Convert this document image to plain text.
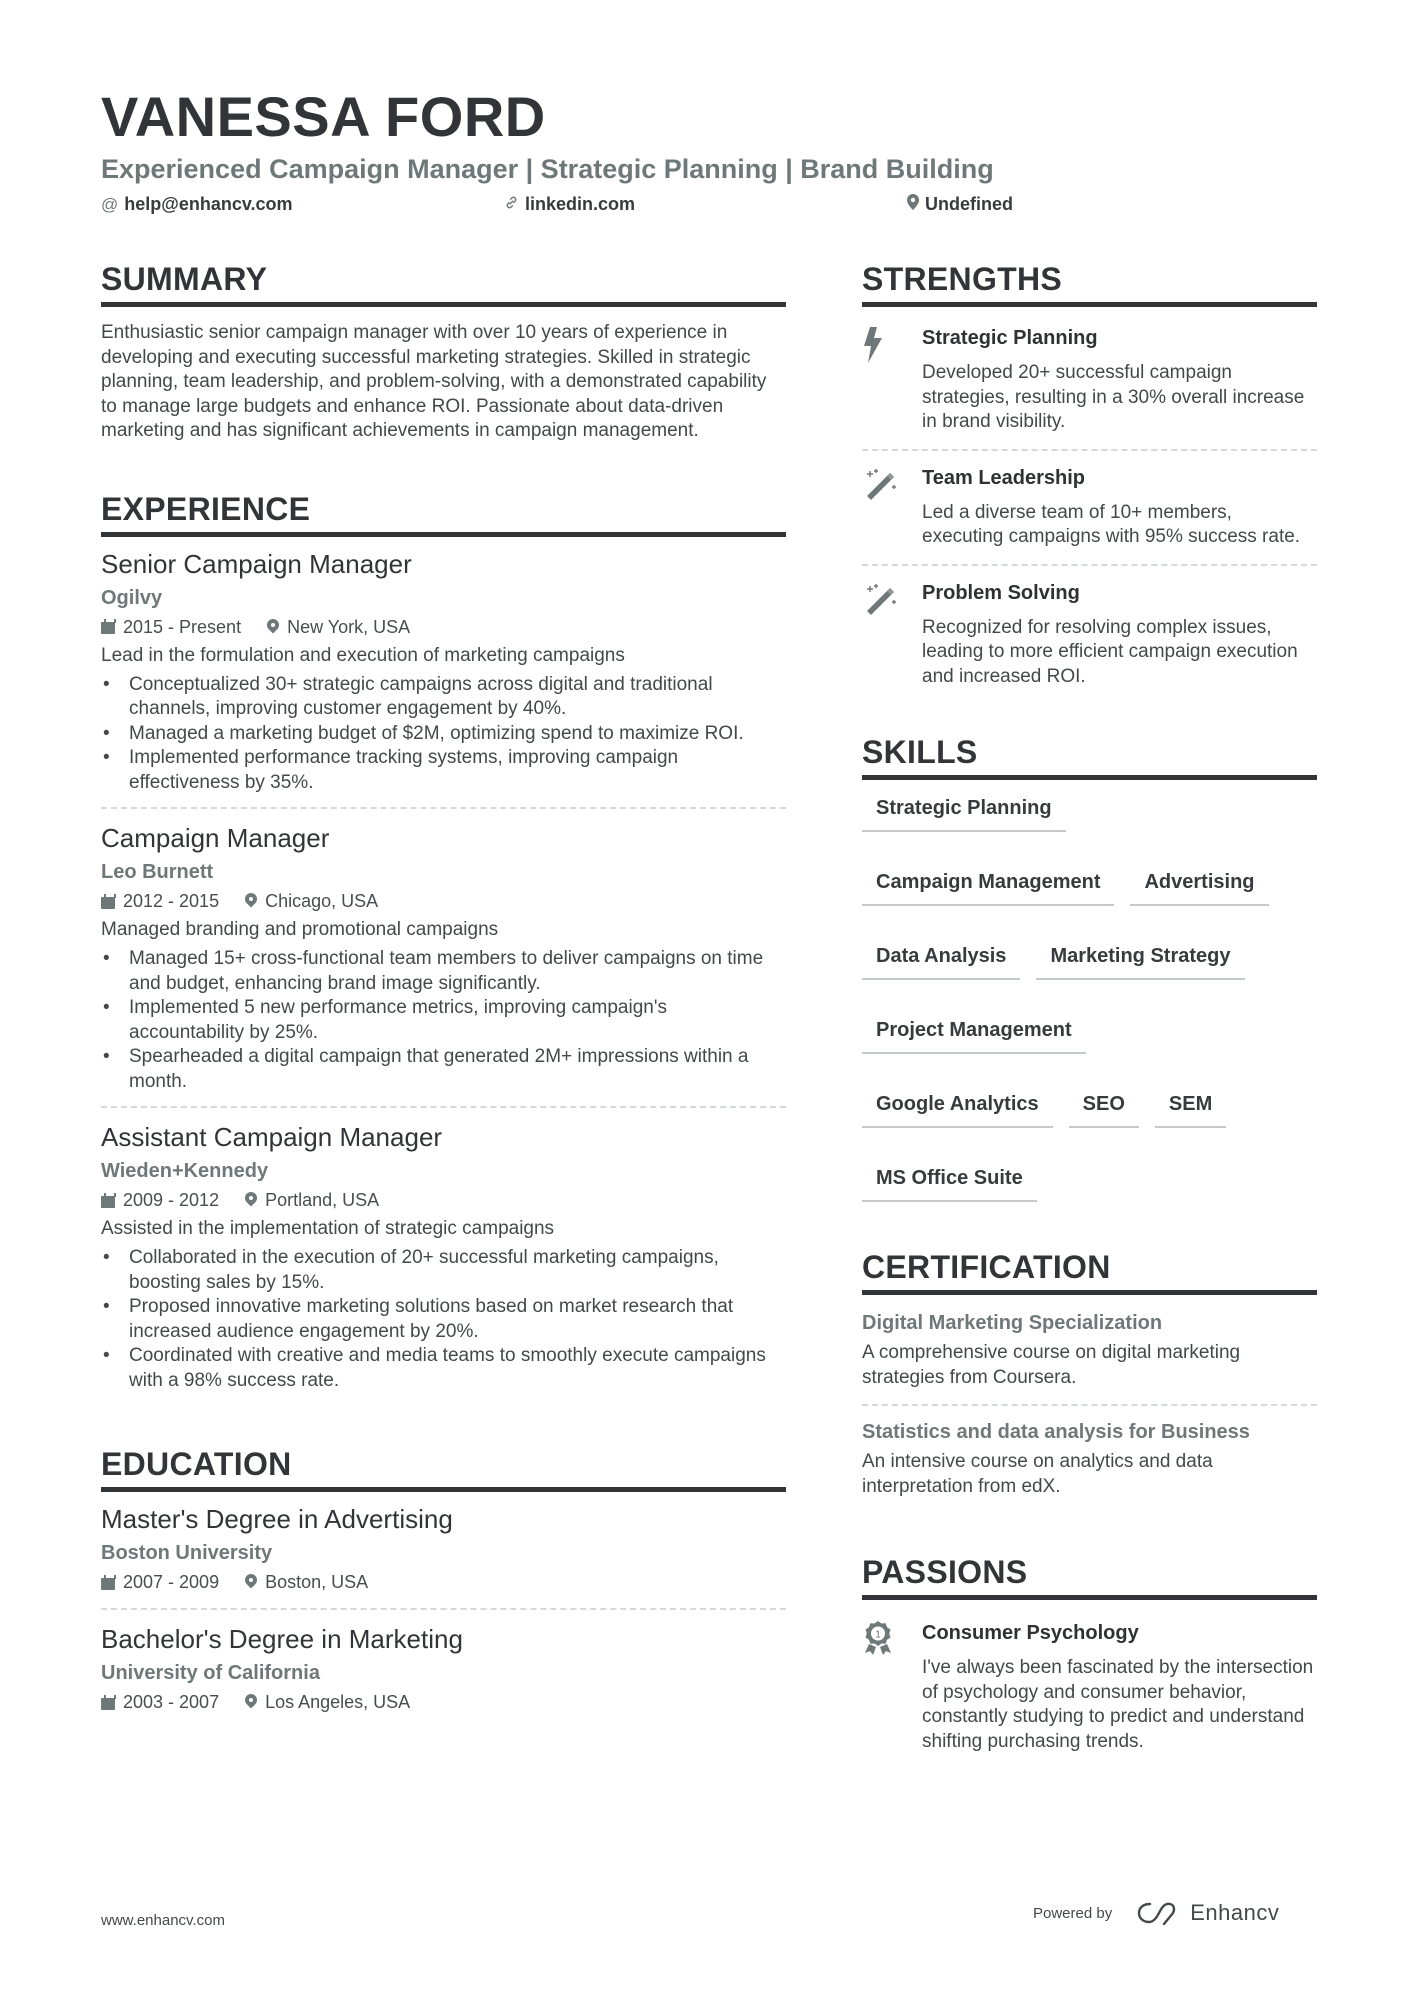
VANESSA FORD
Experienced Campaign Manager | Strategic Planning | Brand Building
@ help@enhancv.com	linkedin.com	Undefined
SUMMARY
Enthusiastic senior campaign manager with over 10 years of experience in developing and executing successful marketing strategies. Skilled in strategic planning, team leadership, and problem-solving, with a demonstrated capability to manage large budgets and enhance ROI. Passionate about data-driven marketing and has significant achievements in campaign management.
EXPERIENCE
Senior Campaign Manager
Ogilvy
2015 - Present	New York, USA
Lead in the formulation and execution of marketing campaigns
• Conceptualized 30+ strategic campaigns across digital and traditional channels, improving customer engagement by 40%.
• Managed a marketing budget of $2M, optimizing spend to maximize ROI.
• Implemented performance tracking systems, improving campaign effectiveness by 35%.
Campaign Manager
Leo Burnett
2012 - 2015	Chicago, USA
Managed branding and promotional campaigns
• Managed 15+ cross-functional team members to deliver campaigns on time and budget, enhancing brand image significantly.
• Implemented 5 new performance metrics, improving campaign's accountability by 25%.
• Spearheaded a digital campaign that generated 2M+ impressions within a month.
Assistant Campaign Manager
Wieden+Kennedy
2009 - 2012	Portland, USA
Assisted in the implementation of strategic campaigns
• Collaborated in the execution of 20+ successful marketing campaigns, boosting sales by 15%.
• Proposed innovative marketing solutions based on market research that increased audience engagement by 20%.
• Coordinated with creative and media teams to smoothly execute campaigns with a 98% success rate.
EDUCATION
Master's Degree in Advertising
Boston University
2007 - 2009	Boston, USA
Bachelor's Degree in Marketing
University of California
2003 - 2007	Los Angeles, USA
STRENGTHS
Strategic Planning
Developed 20+ successful campaign strategies, resulting in a 30% overall increase in brand visibility.
Team Leadership
Led a diverse team of 10+ members, executing campaigns with 95% success rate.
Problem Solving
Recognized for resolving complex issues, leading to more efficient campaign execution and increased ROI.
SKILLS
Strategic Planning
Campaign Management	Advertising
Data Analysis	Marketing Strategy
Project Management
Google Analytics	SEO	SEM
MS Office Suite
CERTIFICATION
Digital Marketing Specialization
A comprehensive course on digital marketing strategies from Coursera.
Statistics and data analysis for Business
An intensive course on analytics and data interpretation from edX.
PASSIONS
1 Consumer Psychology
I've always been fascinated by the intersection of psychology and consumer behavior, constantly studying to predict and understand shifting purchasing trends.
www.enhancv.com	Powered by	Enhancv
